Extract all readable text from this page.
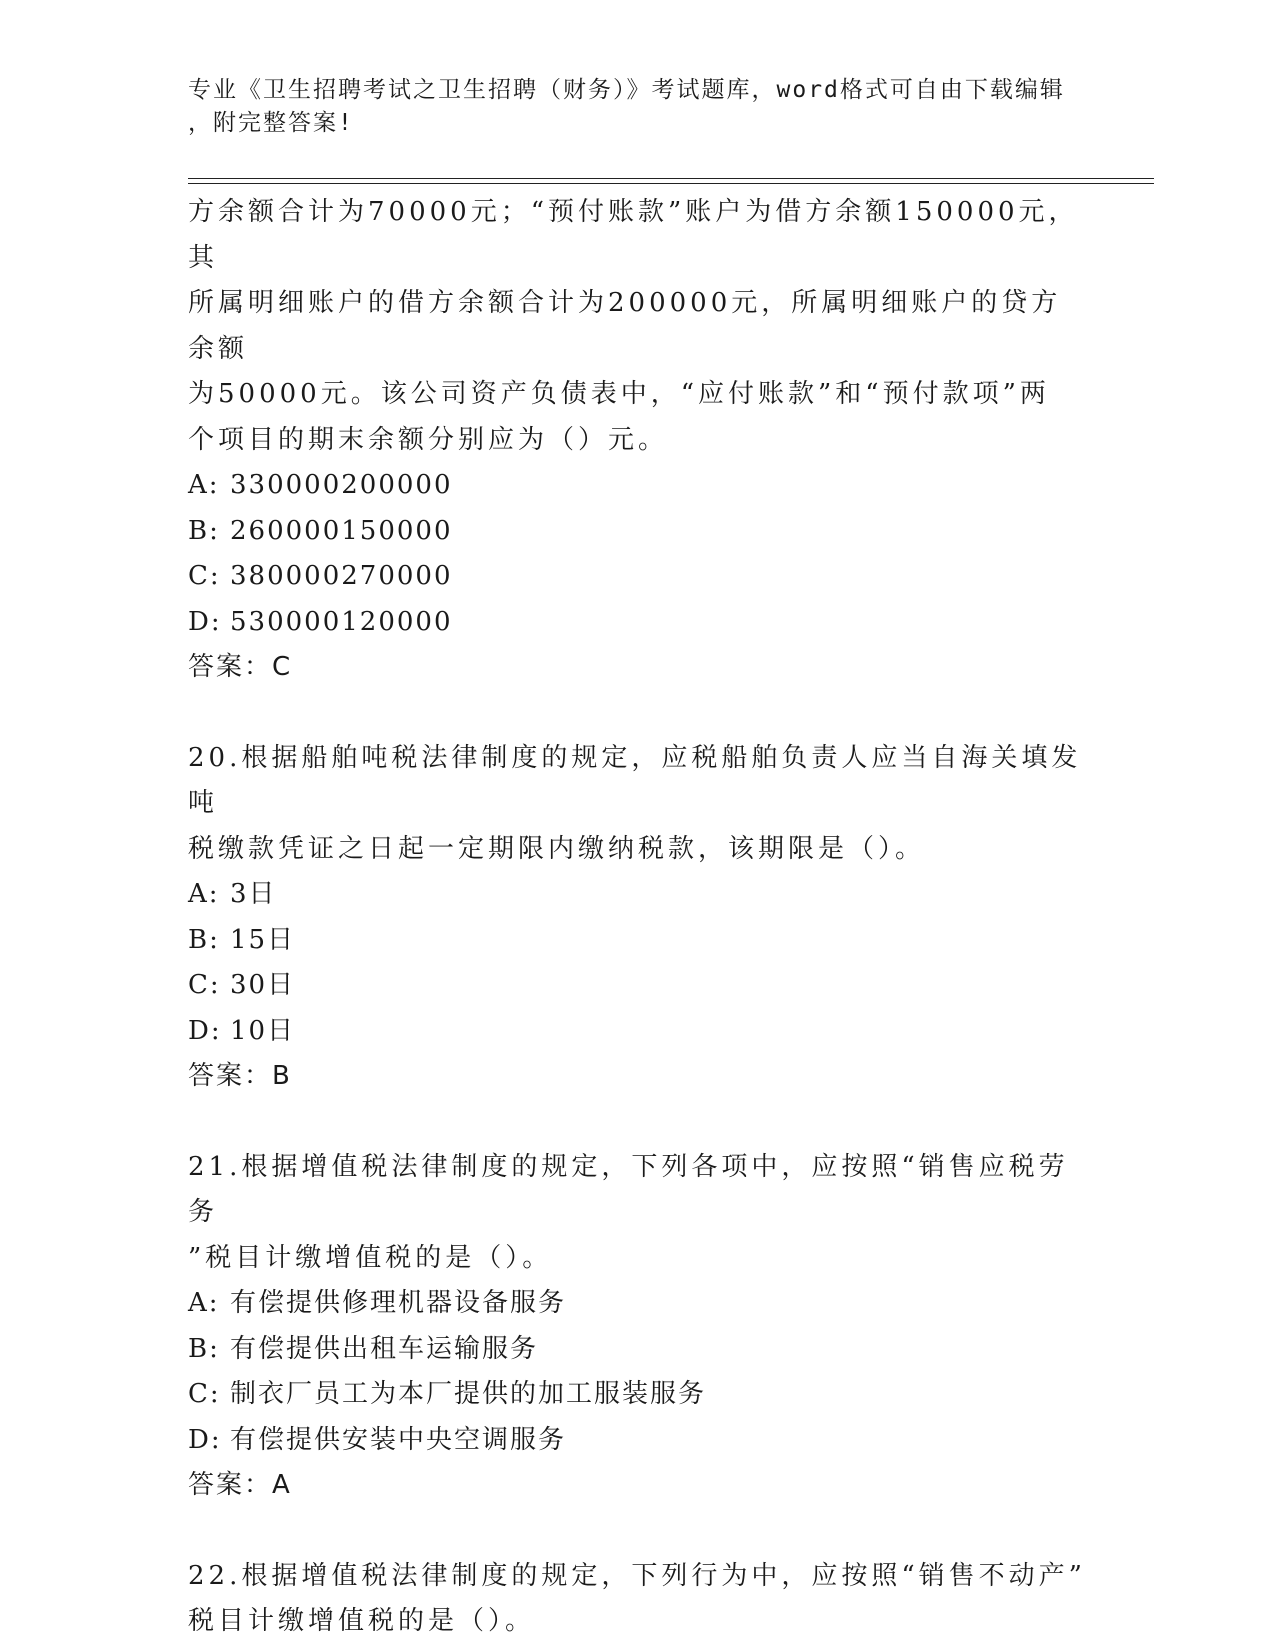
专业《卫生招聘考试之卫生招聘（财务）》考试题库，word格式可自由下载编辑
，附完整答案!

方余额合计为70000元；“预付账款”账户为借方余额150000元，其

所属明细账户的借方余额合计为200000元，所属明细账户的贷方余额

为50000元。该公司资产负债表中，“应付账款”和“预付款项”两

个项目的期末余额分别应为（）元。

A: 330000200000

B: 260000150000

C: 380000270000

D: 530000120000

答案：C

20.根据船舶吨税法律制度的规定，应税船舶负责人应当自海关填发吨

税缴款凭证之日起一定期限内缴纳税款，该期限是（）。

A: 3日

B: 15日

C: 30日

D: 10日

答案：B

21.根据增值税法律制度的规定，下列各项中，应按照“销售应税劳务

”税目计缴增值税的是（）。

A: 有偿提供修理机器设备服务

B: 有偿提供出租车运输服务

C: 制衣厂员工为本厂提供的加工服装服务

D: 有偿提供安装中央空调服务

答案：A

22.根据增值税法律制度的规定，下列行为中，应按照“销售不动产”

税目计缴增值税的是（）。
